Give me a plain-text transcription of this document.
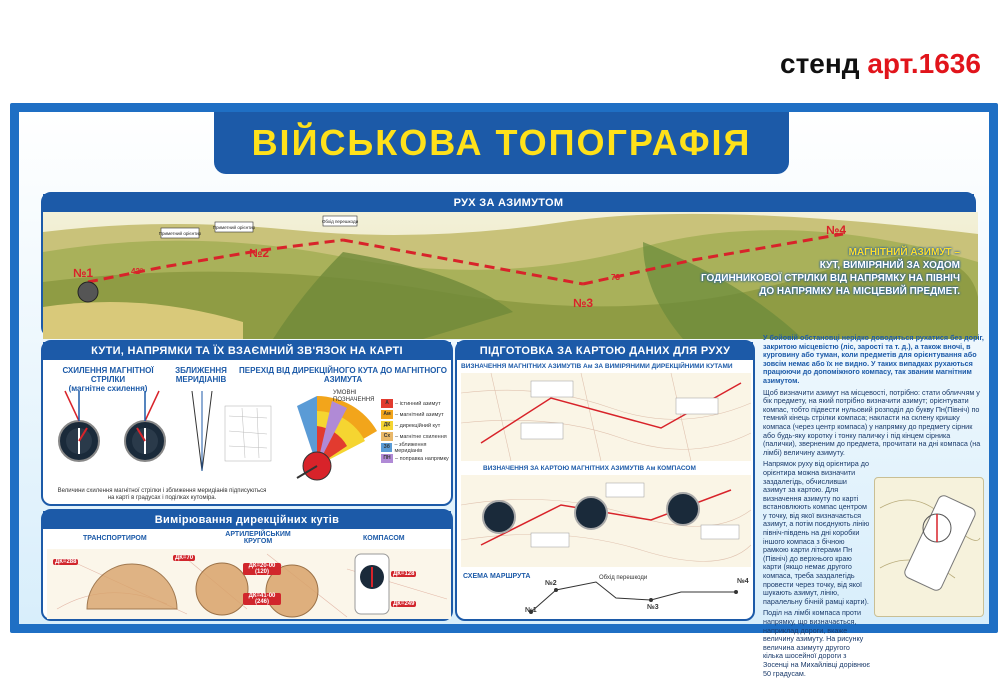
стенд арт.1636
ВІЙСЬКОВА ТОПОГРАФІЯ
РУХ ЗА АЗИМУТОМ
Приметний орієнтир
Приметний орієнтир
Обхід перешкоди
№1
№2
№3
№4
42°
73°
МАГНІТНИЙ АЗИМУТ –
КУТ, ВИМІРЯНИЙ ЗА ХОДОМ
ГОДИННИКОВОЇ СТРІЛКИ ВІД НАПРЯМКУ НА ПІВНІЧ
ДО НАПРЯМКУ НА МІСЦЕВИЙ ПРЕДМЕТ.
КУТИ, НАПРЯМКИ ТА ЇХ ВЗАЄМНИЙ ЗВ'ЯЗОК НА КАРТІ
СХИЛЕННЯ МАГНІТНОЇ СТРІЛКИ
(магнітне схилення)
ЗБЛИЖЕННЯ МЕРИДІАНІВ
ПЕРЕХІД ВІД ДИРЕКЦІЙНОГО КУТА ДО МАГНІТНОГО АЗИМУТА
УМОВНІ ПОЗНАЧЕННЯ	А	– істинний азимут
Aм – магнітний азимут
ДК – дирекційний кут
Сх – магнітне схилення
Зб – зближення меридіанів
ПН – поправка напрямку
Величини схилення магнітної стрілки і зближення меридіанів підписуються на карті в градусах і поділках кутоміра.
Вимірювання дирекційних кутів
ТРАНСПОРТИРОМ
АРТИЛЕРІЙСЬКИМ КРУГОМ	КОМПАСОМ
ДК=288
ДК=70
ДК=20-00 (120)
ДК=41-00 (246)
ДК=128
ДК=249
ПІДГОТОВКА ЗА КАРТОЮ ДАНИХ ДЛЯ РУХУ
ВИЗНАЧЕННЯ МАГНІТНИХ АЗИМУТІВ Ам ЗА ВИМІРЯНИМИ ДИРЕКЦІЙНИМИ КУТАМИ
ВИЗНАЧЕННЯ ЗА КАРТОЮ МАГНІТНИХ АЗИМУТІВ Ам КОМПАСОМ
СХЕМА МАРШРУТА
№1
№2
№3
№4
Обхід перешкоди

У бойовій обстановці нерідко доводиться рухатися без доріг, закритою місцевістю (ліс, зарості та т. д.), а також вночі, в курговину або туман, коли предметів для орієнтування або зовсім немає або їх не видно. У таких випадках рухаються працюючи до допоміжного компасу, так званим магнітним азимутом.

Щоб визначити азимут на місцевості, потрібно: стати обличчям у бік предмету, на який потрібно визначити азимут; орієнтувати компас, тобто підвести нульовий розподіл до букву Пн(Північ) по темний кінець стрілки компаса; накласти на склену кришку компаса (через центр компаса) у напрямку до предмету сірник або будь-яку коротку і тонку паличку і під кінцем сірника (палички), зверненим до предмета, прочитати на дні компаса (на лімбі) величину азимуту.

Напрямок руху від орієнтира до орієнтира можна визначити заздалегідь, обчисливши азимут за картою. Для визначення азимуту по карті встановлюють компас центром у точку, від якої визначається азимут, а потім поєднують лінію північ-південь на дні коробки іншого компаса з бічною рамкою карти літерами Пн (Північ) до верхнього краю карти (якщо немає другого компаса, треба заздалегідь провести через точку, від якої шукають азимут, лінію, паралельну бічній рамці карти).

Поділ на лімбі компаса проти напрямку, що визначається, наприклад дороги, вкаже величину азимуту. На рисунку величина азимуту другого кілька шосейної дороги з Зосенці на Михайлівці дорівнює 50 градусам.
